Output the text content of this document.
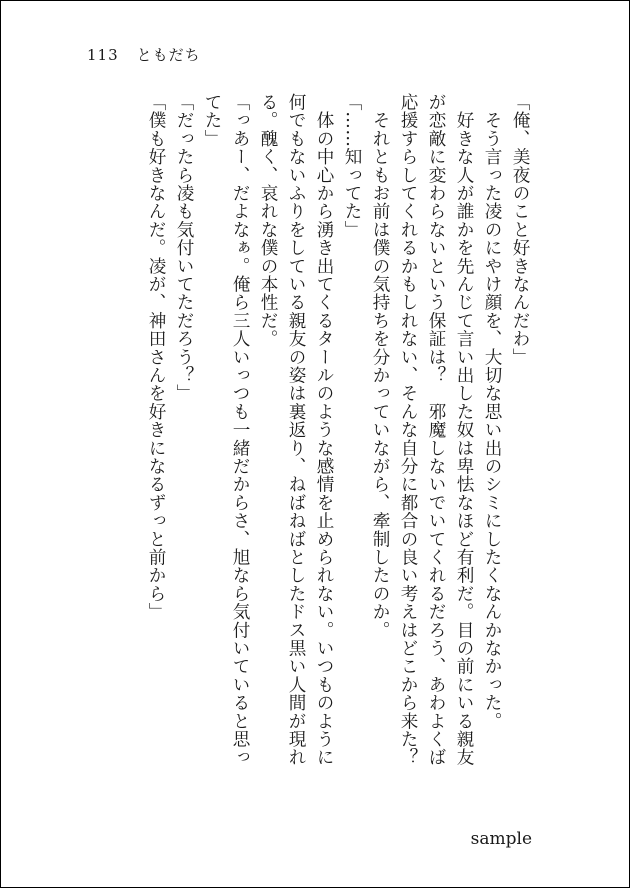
113 ともだち
「俺、美夜のこと好きなんだわ」
　そう言った凌のにやけ顔を、大切な思い出のシミにしたくなんかなかった。
　好きな人が誰かを先んじて言い出した奴は卑怯なほど有利だ。目の前にいる親友
が恋敵に変わらないという保証は？　邪魔しないでいてくれるだろう、あわよくば
応援すらしてくれるかもしれない、そんな自分に都合の良い考えはどこから来た？
　それともお前は僕の気持ちを分かっていながら、牽制したのか。
「……知ってた」
　体の中心から湧き出てくるタールのような感情を止められない。いつものように
何でもないふりをしている親友の姿は裏返り、ねばねばとしたドス黒い人間が現れ
る。醜く、哀れな僕の本性だ。
「っあー、だよなぁ。俺ら三人いっつも一緒だからさ、旭なら気付いていると思っ
てた」
「だったら凌も気付いてただろう？」
「僕も好きなんだ。凌が、神田さんを好きになるずっと前から」
sample
